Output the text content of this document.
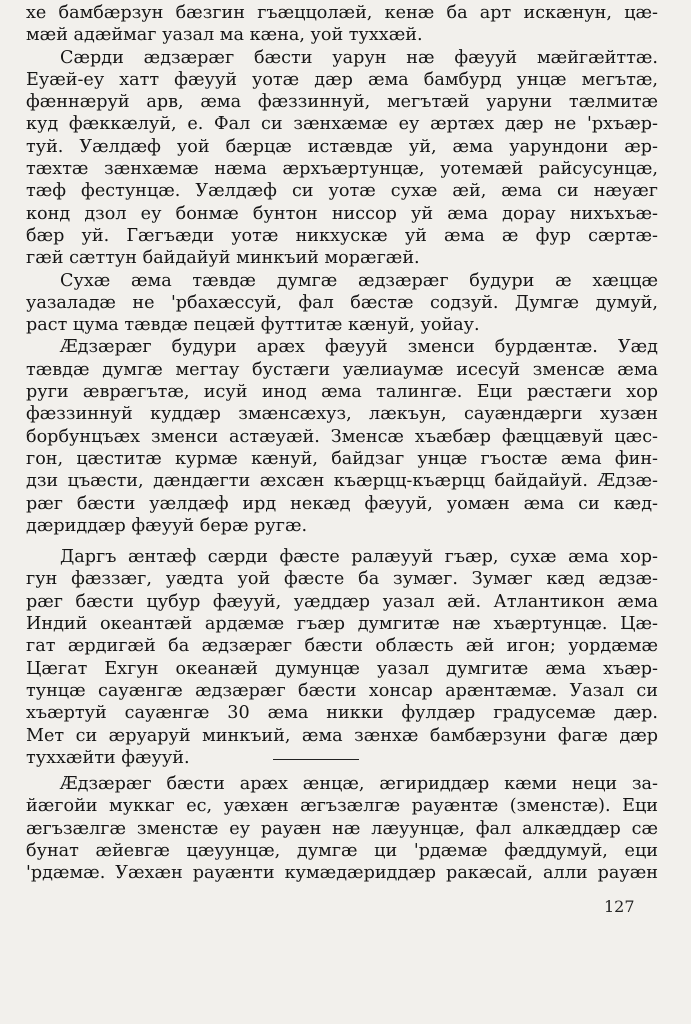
хе бамбæрзун бæзгин гъæццолæй, кенæ ба арт искæнун, цæ-
мæй адæймаг уазал ма кæна, уой туххæй.
Сæрди æдзæрæг бæсти уарун нæ фæууй мæйгæйттæ.
Еуæй-еу хатт фæууй уотæ дæр æма бамбурд унцæ мегътæ,
фæннæруй арв, æма фæззиннуй, мегътæй уаруни тæлмитæ
куд фæккæлуй, е. Фал си зæнхæмæ еу æртæх дæр не 'рхъæр-
туй. Уæлдæф уой бæрцæ истæвдæ уй, æма уарундони æр-
тæхтæ зæнхæмæ нæма æрхъæртунцæ, уотемæй райсусунцæ,
тæф фестунцæ. Уæлдæф си уотæ сухæ æй, æма си нæуæг
конд дзол еу бонмæ бунтон ниссор уй æма дорау нихъхъæ-
бæр уй. Гæгъæди уотæ никхускæ уй æма æ фур сæртæ-
гæй сæттун байдайуй минкъий морæгæй.
Сухæ æма тæвдæ думгæ æдзæрæг будури æ хæццæ
уазаладæ не 'рбахæссуй, фал бæстæ содзуй. Думгæ думуй,
раст цума тæвдæ пецæй футтитæ кæнуй, уойау.
Æдзæрæг будури арæх фæууй зменси бурдæнтæ. Уæд
тæвдæ думгæ мегтау бустæги уæлиаумæ исесуй зменсæ æма
руги æврæгътæ, исуй инод æма талингæ. Еци рæстæги хор
фæззиннуй куддæр змæнсæхуз, лæкъун, сауæндæрги хузæн
борбунцъæх зменси астæуæй. Зменсæ хъæбæр фæццæвуй цæс-
гон, цæститæ курмæ кæнуй, байдзаг унцæ гъостæ æма фин-
дзи цъæсти, дæндæгти æхсæн къæрцц-къæрцц байдайуй. Æдзæ-
рæг бæсти уæлдæф ирд некæд фæууй, уомæн æма си кæд-
дæриддæр фæууй берæ ругæ.
Даргъ æнтæф сæрди фæсте ралæууй гъæр, сухæ æма хор-
гун фæззæг, уæдта уой фæсте ба зумæг. Зумæг кæд æдзæ-
рæг бæсти цубур фæууй, уæддæр уазал æй. Атлантикон æма
Индий океантæй ардæмæ гъæр думгитæ нæ хъæртунцæ. Цæ-
гат æрдигæй ба æдзæрæг бæсти облæсть æй игон; уордæмæ
Цæгат Ехгун океанæй думунцæ уазал думгитæ æма хъæр-
тунцæ сауæнгæ æдзæрæг бæсти хонсар арæнтæмæ. Уазал си
хъæртуй сауæнгæ 30 æма никки фулдæр градусемæ дæр.
Мет си æруаруй минкъий, æма зæнхæ бамбæрзуни фагæ дæр
тухxæйти фæууй.
Æдзæрæг бæсти арæх æнцæ, æгириддæр кæми неци за-
йæгойи муккаг ес, уæхæн æгъзæлгæ рауæнтæ (зменстæ). Еци
æгъзæлгæ зменстæ еу рауæн нæ лæуунцæ, фал алкæддæр сæ
бунат æйевгæ цæуунцæ, думгæ ци 'рдæмæ фæддумуй, еци
'рдæмæ. Уæхæн рауæнти кумæдæриддæр ракæсай, алли рауæн
127
